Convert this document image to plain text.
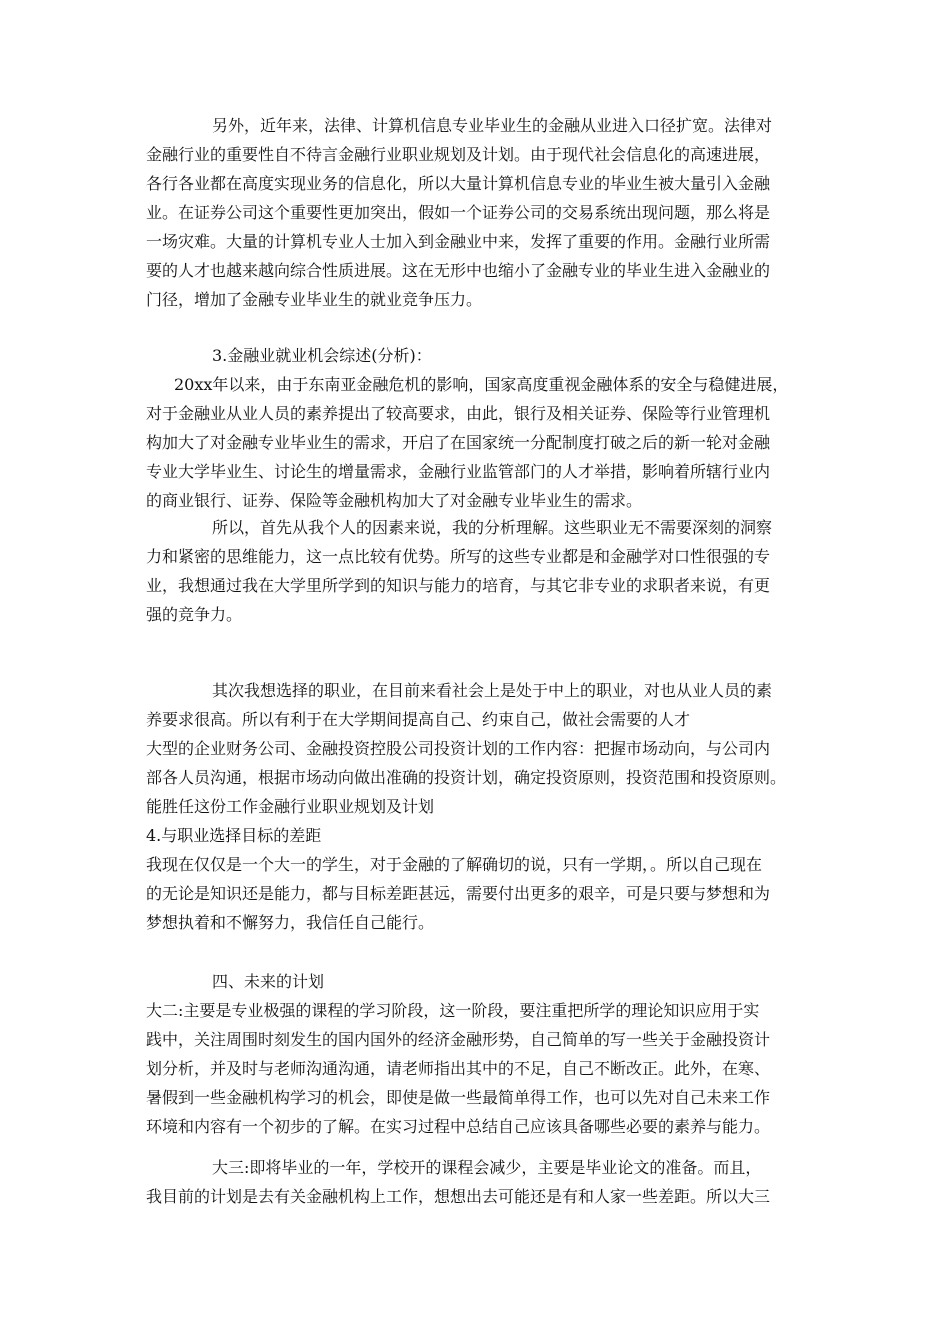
另外，近年来，法律、计算机信息专业毕业生的金融从业进入口径扩宽。法律对
金融行业的重要性自不待言金融行业职业规划及计划。由于现代社会信息化的高速进展，
各行各业都在高度实现业务的信息化，所以大量计算机信息专业的毕业生被大量引入金融
业。在证券公司这个重要性更加突出，假如一个证券公司的交易系统出现问题，那么将是
一场灾难。大量的计算机专业人士加入到金融业中来，发挥了重要的作用。金融行业所需
要的人才也越来越向综合性质进展。这在无形中也缩小了金融专业的毕业生进入金融业的
门径，增加了金融专业毕业生的就业竞争压力。
3.金融业就业机会综述(分析)：
20xx年以来，由于东南亚金融危机的影响，国家高度重视金融体系的安全与稳健进展，
对于金融业从业人员的素养提出了较高要求，由此，银行及相关证券、保险等行业管理机
构加大了对金融专业毕业生的需求，开启了在国家统一分配制度打破之后的新一轮对金融
专业大学毕业生、讨论生的增量需求，金融行业监管部门的人才举措，影响着所辖行业内
的商业银行、证券、保险等金融机构加大了对金融专业毕业生的需求。
所以，首先从我个人的因素来说，我的分析理解。这些职业无不需要深刻的洞察
力和紧密的思维能力，这一点比较有优势。所写的这些专业都是和金融学对口性很强的专
业，我想通过我在大学里所学到的知识与能力的培育，与其它非专业的求职者来说，有更
强的竞争力。
其次我想选择的职业，在目前来看社会上是处于中上的职业，对也从业人员的素
养要求很高。所以有利于在大学期间提高自己、约束自己，做社会需要的人才
大型的企业财务公司、金融投资控股公司投资计划的工作内容：把握市场动向，与公司内
部各人员沟通，根据市场动向做出准确的投资计划，确定投资原则，投资范围和投资原则。
能胜任这份工作金融行业职业规划及计划
4.与职业选择目标的差距
我现在仅仅是一个大一的学生，对于金融的了解确切的说，只有一学期，。所以自己现在
的无论是知识还是能力，都与目标差距甚远，需要付出更多的艰辛，可是只要与梦想和为
梦想执着和不懈努力，我信任自己能行。
四、未来的计划
大二:主要是专业极强的课程的学习阶段，这一阶段，要注重把所学的理论知识应用于实
践中，关注周围时刻发生的国内国外的经济金融形势，自己简单的写一些关于金融投资计
划分析，并及时与老师沟通沟通，请老师指出其中的不足，自己不断改正。此外，在寒、
暑假到一些金融机构学习的机会，即使是做一些最简单得工作，也可以先对自己未来工作
环境和内容有一个初步的了解。在实习过程中总结自己应该具备哪些必要的素养与能力。
大三:即将毕业的一年，学校开的课程会减少，主要是毕业论文的准备。而且，
我目前的计划是去有关金融机构上工作，想想出去可能还是有和人家一些差距。所以大三
